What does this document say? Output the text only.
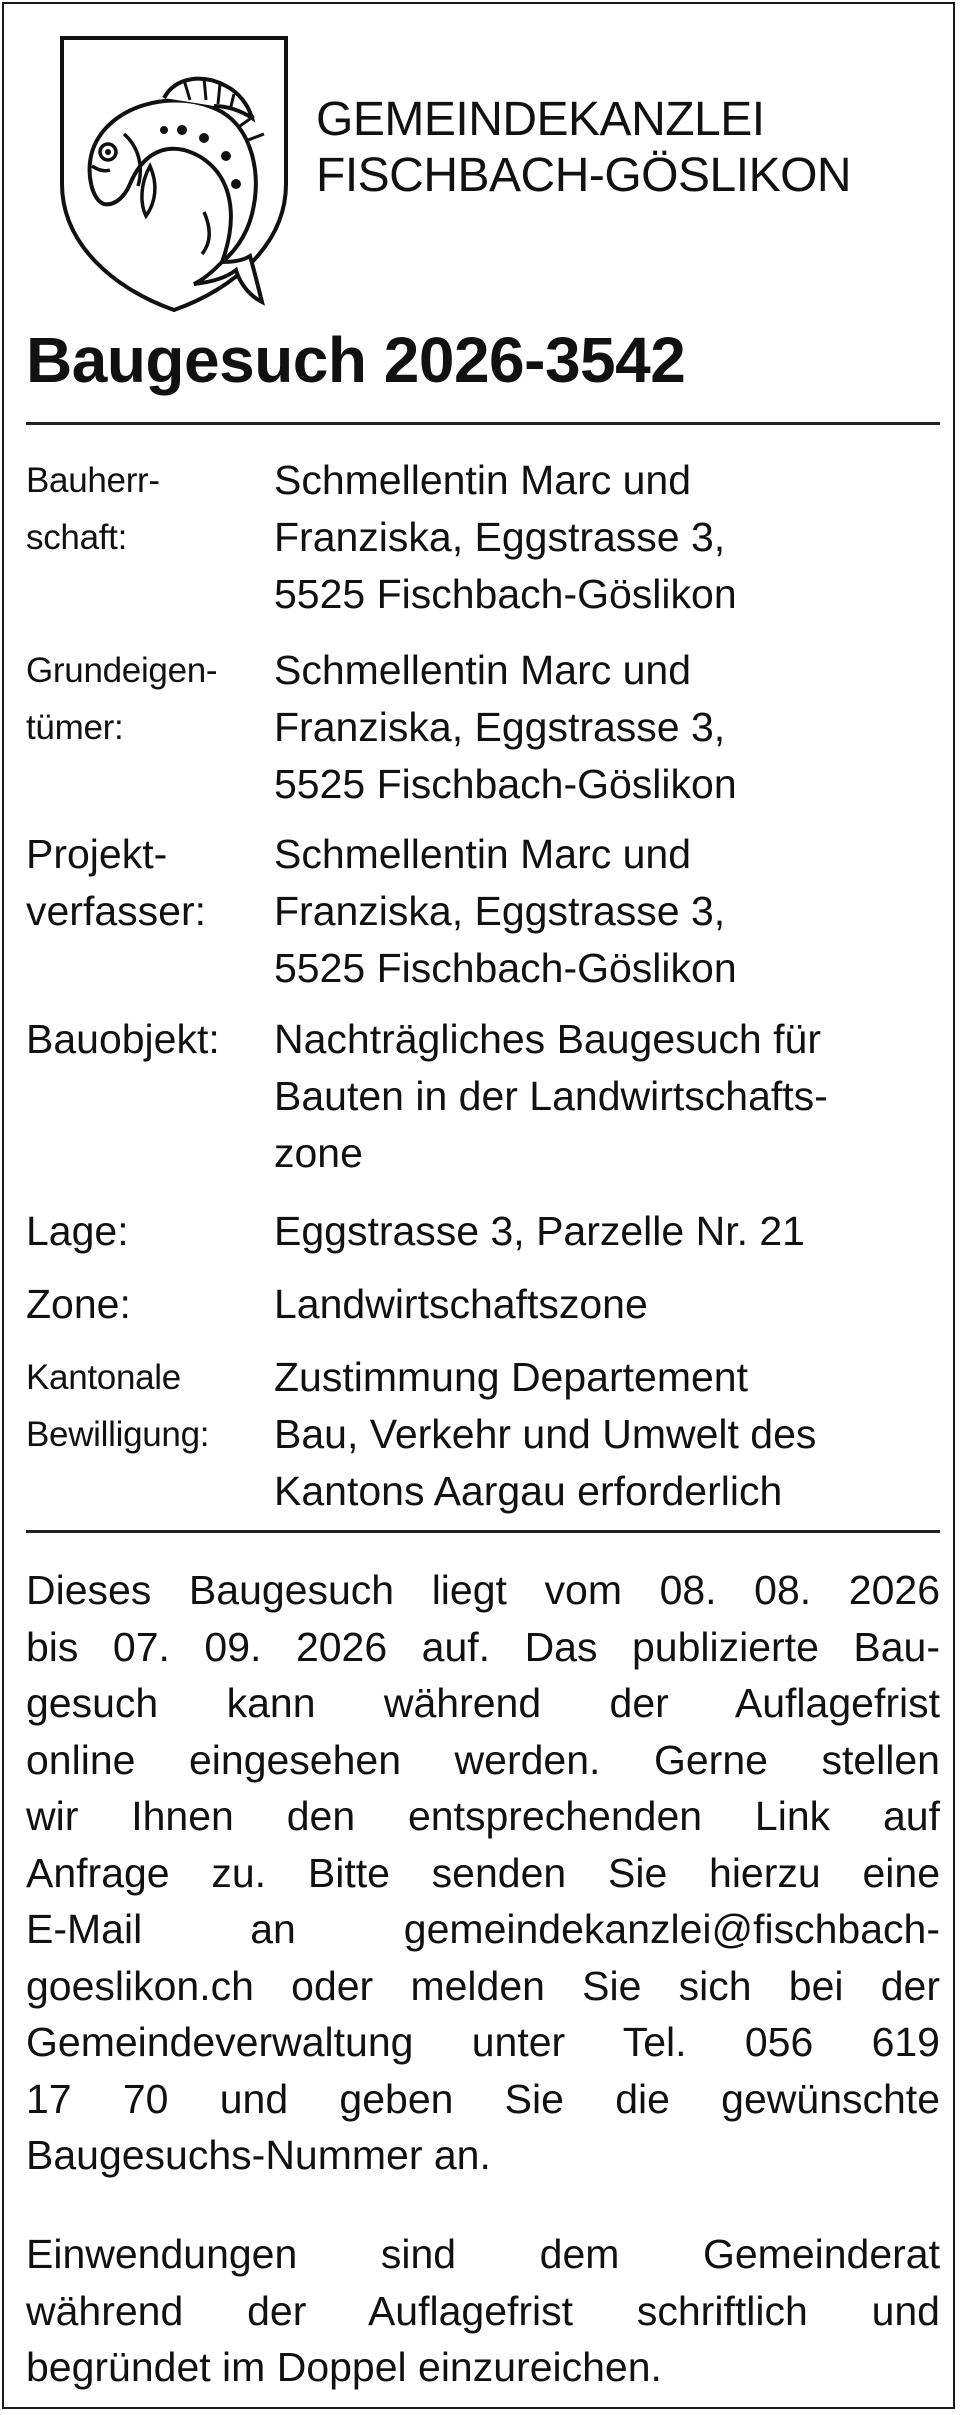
GEMEINDEKANZLEI
FISCHBACH-GÖSLIKON
Baugesuch 2026-3542
Bauherr-
schaft:
Schmellentin Marc und
Franziska, Eggstrasse 3,
5525 Fischbach-Göslikon
Grundeigen-
tümer:
Schmellentin Marc und
Franziska, Eggstrasse 3,
5525 Fischbach-Göslikon
Projekt-
verfasser:
Schmellentin Marc und
Franziska, Eggstrasse 3,
5525 Fischbach-Göslikon
Bauobjekt: Nachträgliches Baugesuch für
Bauten in der Landwirtschafts-
zone
Lage:	Eggstrasse 3, Parzelle Nr. 21
Zone:	Landwirtschaftszone
Kantonale
Bewilligung:
Zustimmung Departement
Bau, Verkehr und Umwelt des
Kantons Aargau erforderlich
Dieses Baugesuch liegt vom 08. 08. 2026
bis 07. 09. 2026 auf. Das publizierte Bau-
gesuch kann während der Auflagefrist
online eingesehen werden. Gerne stellen
wir Ihnen den entsprechenden Link auf
Anfrage zu. Bitte senden Sie hierzu eine
E-Mail an gemeindekanzlei@fischbach-
goeslikon.ch oder melden Sie sich bei der
Gemeindeverwaltung unter Tel. 056 619
17 70 und geben Sie die gewünschte
Baugesuchs-Nummer an.
Einwendungen sind dem Gemeinderat
während der Auflagefrist schriftlich und
begründet im Doppel einzureichen.
